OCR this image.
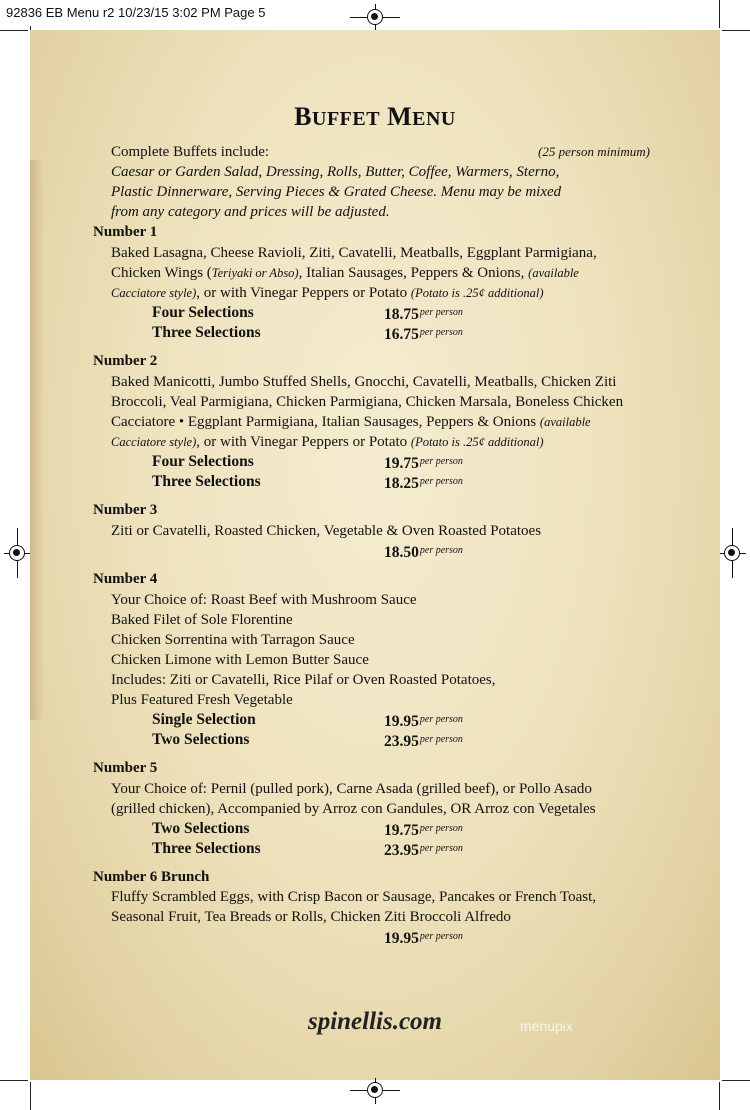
92836 EB Menu r2 10/23/15 3:02 PM Page 5
BUFFET MENU
Complete Buffets include:	(25 person minimum)
Caesar or Garden Salad, Dressing, Rolls, Butter, Coffee, Warmers, Sterno,
Plastic Dinnerware, Serving Pieces & Grated Cheese. Menu may be mixed
from any category and prices will be adjusted.
Number 1
Baked Lasagna, Cheese Ravioli, Ziti, Cavatelli, Meatballs, Eggplant Parmigiana,
Chicken Wings (Teriyaki or Abso), Italian Sausages, Peppers & Onions, (available
Cacciatore style), or with Vinegar Peppers or Potato (Potato is .25¢ additional)
Four Selections	$18.75^{per person}$
Three Selections	$16.75^{per person}$
Number 2
Baked Manicotti, Jumbo Stuffed Shells, Gnocchi, Cavatelli, Meatballs, Chicken Ziti
Broccoli, Veal Parmigiana, Chicken Parmigiana, Chicken Marsala, Boneless Chicken
Cacciatore • Eggplant Parmigiana, Italian Sausages, Peppers & Onions (available
Cacciatore style), or with Vinegar Peppers or Potato (Potato is .25¢ additional)
Four Selections	$19.75^{per person}$
Three Selections	$18.25^{per person}$
Number 3
Ziti or Cavatelli, Roasted Chicken, Vegetable & Oven Roasted Potatoes
$18.50^{per person}$
Number 4
Your Choice of: Roast Beef with Mushroom Sauce
Baked Filet of Sole Florentine
Chicken Sorrentina with Tarragon Sauce
Chicken Limone with Lemon Butter Sauce
Includes: Ziti or Cavatelli, Rice Pilaf or Oven Roasted Potatoes,
Plus Featured Fresh Vegetable
Single Selection	$19.95^{per person}$
Two Selections	$23.95^{per person}$
Number 5
Your Choice of: Pernil (pulled pork), Carne Asada (grilled beef), or Pollo Asado
(grilled chicken), Accompanied by Arroz con Gandules, OR Arroz con Vegetales
Two Selections	$19.75^{per person}$
Three Selections	$23.95^{per person}$
Number 6 Brunch
Fluffy Scrambled Eggs, with Crisp Bacon or Sausage, Pancakes or French Toast,
Seasonal Fruit, Tea Breads or Rolls, Chicken Ziti Broccoli Alfredo
$19.95^{per person}$
spinellis.com	menupix
